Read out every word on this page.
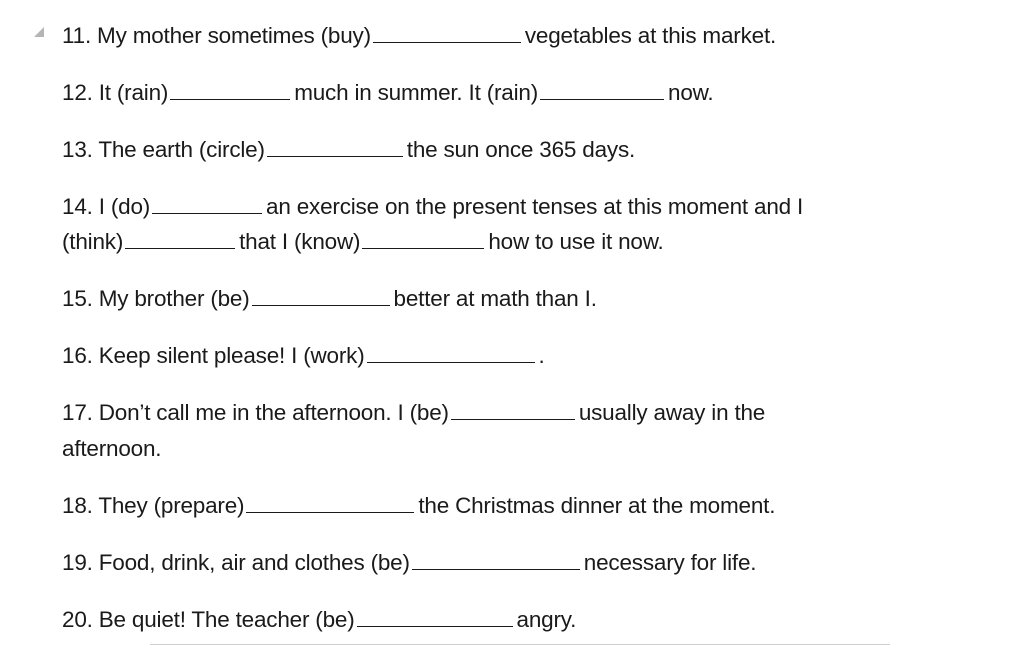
11. My mother sometimes (buy)	vegetables at this market.
12. It (rain)	much in summer. It (rain)	now.
13. The earth (circle)	the sun once 365 days.
14. I (do)	an exercise on the present tenses at this moment and I
(think)	that I (know)	how to use it now.
15. My brother (be)	better at math than I.
16. Keep silent please! I (work)	.
17. Don’t call me in the afternoon. I (be)	usually away in the
afternoon.
18. They (prepare)	the Christmas dinner at the moment.
19. Food, drink, air and clothes (be)	necessary for life.
20. Be quiet! The teacher (be)	angry.
